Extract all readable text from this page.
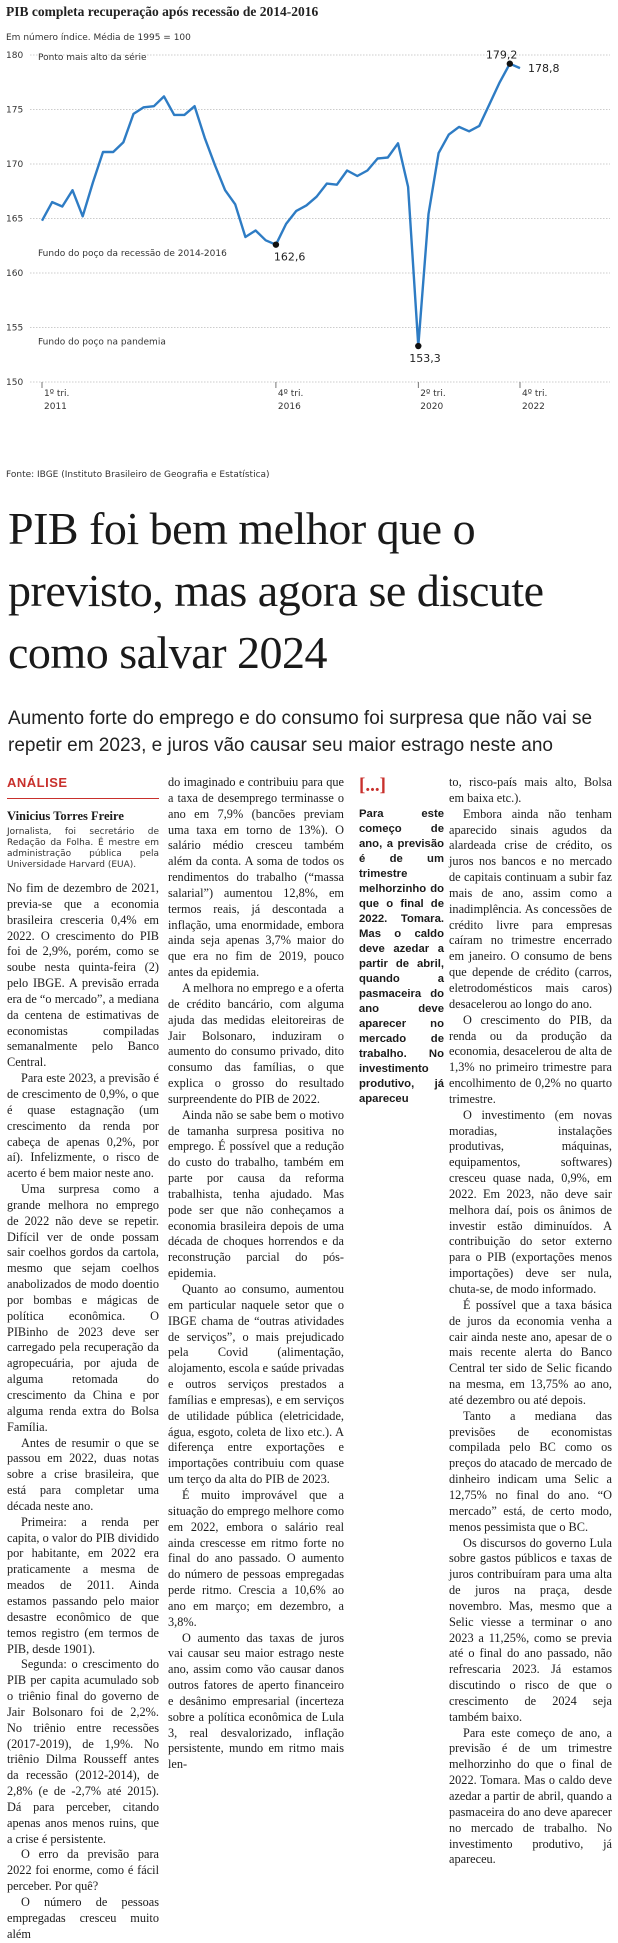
PIB completa recuperação após recessão de 2014-2016
Em número índice. Média de 1995 = 100
180
175
170
165
160
155
150
1º tri.
2011
4º tri.
2016
2º tri.
2020
4º tri.
2022
Ponto mais alto da série
Fundo do poço da recessão de 2014-2016
Fundo do poço na pandemia
162,6
153,3
179,2
178,8
Fonte: IBGE (Instituto Brasileiro de Geografia e Estatística)
PIB foi bem melhor que o previsto, mas agora se discute como salvar 2024
Aumento forte do emprego e do consumo foi surpresa que não vai se repetir em 2023, e juros vão causar seu maior estrago neste ano
ANÁLISE
Vinicius Torres Freire
Jornalista, foi secretário de Redação da Folha. É mestre em administração pública pela Universidade Harvard (EUA).

No fim de dezembro de 2021, previa-se que a economia brasileira cresceria 0,4% em 2022. O crescimento do PIB foi de 2,9%, porém, como se soube nesta quinta-feira (2) pelo IBGE. A previsão errada era de “o mercado”, a mediana da centena de estimativas de economistas compiladas semanalmente pelo Banco Central.

Para este 2023, a previsão é de crescimento de 0,9%, o que é quase estagnação (um crescimento da renda por cabeça de apenas 0,2%, por aí). Infelizmente, o risco de acerto é bem maior neste ano.

Uma surpresa como a grande melhora no emprego de 2022 não deve se repetir. Difícil ver de onde possam sair coelhos gordos da cartola, mesmo que sejam coelhos anabolizados de modo doentio por bombas e mágicas de política econômica. O PIBinho de 2023 deve ser carregado pela recuperação da agropecuária, por ajuda de alguma retomada do crescimento da China e por alguma renda extra do Bolsa Família.

Antes de resumir o que se passou em 2022, duas notas sobre a crise brasileira, que está para completar uma década neste ano.

Primeira: a renda per capita, o valor do PIB dividido por habitante, em 2022 era praticamente a mesma de meados de 2011. Ainda estamos passando pelo maior desastre econômico de que temos registro (em termos de PIB, desde 1901).

Segunda: o crescimento do PIB per capita acumulado sob o triênio final do governo de Jair Bolsonaro foi de 2,2%. No triênio entre recessões (2017-2019), de 1,9%. No triênio Dilma Rousseff antes da recessão (2012-2014), de 2,8% (e de -2,7% até 2015). Dá para perceber, citando apenas anos menos ruins, que a crise é persistente.

O erro da previsão para 2022 foi enorme, como é fácil perceber. Por quê?

O número de pessoas empregadas cresceu muito além

do imaginado e contribuiu para que a taxa de desemprego terminasse o ano em 7,9% (bancões previam uma taxa em torno de 13%). O salário médio cresceu também além da conta. A soma de todos os rendimentos do trabalho (“massa salarial”) aumentou 12,8%, em termos reais, já descontada a inflação, uma enormidade, embora ainda seja apenas 3,7% maior do que era no fim de 2019, pouco antes da epidemia.

A melhora no emprego e a oferta de crédito bancário, com alguma ajuda das medidas eleitoreiras de Jair Bolsonaro, induziram o aumento do consumo privado, dito consumo das famílias, o que explica o grosso do resultado surpreendente do PIB de 2022.

Ainda não se sabe bem o motivo de tamanha surpresa positiva no emprego. É possível que a redução do custo do trabalho, também em parte por causa da reforma trabalhista, tenha ajudado. Mas pode ser que não conheçamos a economia brasileira depois de uma década de choques horrendos e da reconstrução parcial do pós-epidemia.

Quanto ao consumo, aumentou em particular naquele setor que o IBGE chama de “outras atividades de serviços”, o mais prejudicado pela Covid (alimentação, alojamento, escola e saúde privadas e outros serviços prestados a famílias e empresas), e em serviços de utilidade pública (eletricidade, água, esgoto, coleta de lixo etc.). A diferença entre exportações e importações contribuiu com quase um terço da alta do PIB de 2023.

É muito improvável que a situação do emprego melhore como em 2022, embora o salário real ainda crescesse em ritmo forte no final do ano passado. O aumento do número de pessoas empregadas perde ritmo. Crescia a 10,6% ao ano em março; em dezembro, a 3,8%.

O aumento das taxas de juros vai causar seu maior estrago neste ano, assim como vão causar danos outros fatores de aperto financeiro e desânimo empresarial (incerteza sobre a política econômica de Lula 3, real desvalorizado, inflação persistente, mundo em ritmo mais len-

[...]
Para este começo de ano, a previsão é de um trimestre melhorzinho do que o final de 2022. Tomara. Mas o caldo deve azedar a partir de abril, quando a pasmaceira do ano deve aparecer no mercado de trabalho. No investimento produtivo, já apareceu

to, risco-país mais alto, Bolsa em baixa etc.).

Embora ainda não tenham aparecido sinais agudos da alardeada crise de crédito, os juros nos bancos e no mercado de capitais continuam a subir faz mais de ano, assim como a inadimplência. As concessões de crédito livre para empresas caíram no trimestre encerrado em janeiro. O consumo de bens que depende de crédito (carros, eletrodomésticos mais caros) desacelerou ao longo do ano.

O crescimento do PIB, da renda ou da produção da economia, desacelerou de alta de 1,3% no primeiro trimestre para encolhimento de 0,2% no quarto trimestre.

O investimento (em novas moradias, instalações produtivas, máquinas, equipamentos, softwares) cresceu quase nada, 0,9%, em 2022. Em 2023, não deve sair melhora daí, pois os ânimos de investir estão diminuídos. A contribuição do setor externo para o PIB (exportações menos importações) deve ser nula, chuta-se, de modo informado.

É possível que a taxa básica de juros da economia venha a cair ainda neste ano, apesar de o mais recente alerta do Banco Central ter sido de Selic ficando na mesma, em 13,75% ao ano, até dezembro ou até depois.

Tanto a mediana das previsões de economistas compilada pelo BC como os preços do atacado de mercado de dinheiro indicam uma Selic a 12,75% no final do ano. “O mercado” está, de certo modo, menos pessimista que o BC.

Os discursos do governo Lula sobre gastos públicos e taxas de juros contribuíram para uma alta de juros na praça, desde novembro. Mas, mesmo que a Selic viesse a terminar o ano 2023 a 11,25%, como se previa até o final do ano passado, não refrescaria 2023. Já estamos discutindo o risco de que o crescimento de 2024 seja também baixo.

Para este começo de ano, a previsão é de um trimestre melhorzinho do que o final de 2022. Tomara. Mas o caldo deve azedar a partir de abril, quando a pasmaceira do ano deve aparecer no mercado de trabalho. No investimento produtivo, já apareceu.
